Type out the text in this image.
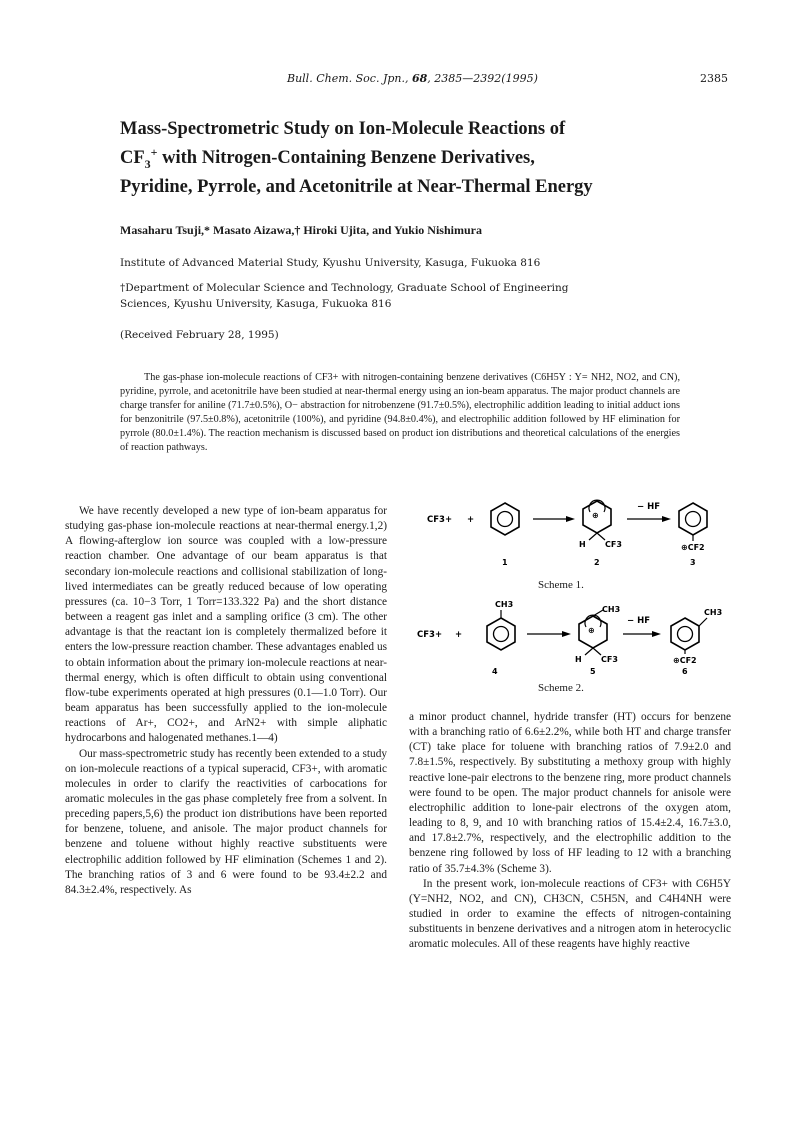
Bull. Chem. Soc. Jpn., 68, 2385—2392(1995)	2385
Mass-Spectrometric Study on Ion-Molecule Reactions of
$CF_3^+$ with Nitrogen-Containing Benzene Derivatives,
Pyridine, Pyrrole, and Acetonitrile at Near-Thermal Energy
Masaharu Tsuji,* Masato Aizawa,† Hiroki Ujita, and Yukio Nishimura
Institute of Advanced Material Study, Kyushu University, Kasuga, Fukuoka 816
†Department of Molecular Science and Technology, Graduate School of Engineering Sciences, Kyushu University, Kasuga, Fukuoka 816
(Received February 28, 1995)
The gas-phase ion-molecule reactions of CF3+ with nitrogen-containing benzene derivatives (C6H5Y : Y= NH2, NO2, and CN), pyridine, pyrrole, and acetonitrile have been studied at near-thermal energy using an ion-beam apparatus. The major product channels are charge transfer for aniline (71.7±0.5%), O− abstraction for nitrobenzene (91.7±0.5%), electrophilic addition leading to initial adduct ions for benzonitrile (97.5±0.8%), acetonitrile (100%), and pyridine (94.8±0.4%), and electrophilic addition followed by HF elimination for pyrrole (80.0±1.4%). The reaction mechanism is discussed based on product ion distributions and theoretical calculations of the energies of reaction pathways.

We have recently developed a new type of ion-beam apparatus for studying gas-phase ion-molecule reactions at near-thermal energy.1,2) A flowing-afterglow ion source was coupled with a low-pressure reaction chamber. One advantage of our beam apparatus is that secondary ion-molecule reactions and collisional stabilization of long-lived intermediates can be greatly reduced because of low operating pressures (ca. 10−3 Torr, 1 Torr=133.322 Pa) and the short distance between a reagent gas inlet and a sampling orifice (3 cm). The other advantage is that the reactant ion is completely thermalized before it enters the low-pressure reaction chamber. These advantages enabled us to obtain information about the primary ion-molecule reactions at near-thermal energy, which is often difficult to obtain using conventional flow-tube experiments operated at high pressures (0.1—1.0 Torr). Our beam apparatus has been successfully applied to the ion-molecule reactions of Ar+, CO2+, and ArN2+ with simple aliphatic hydrocarbons and halogenated methanes.1—4)

Our mass-spectrometric study has recently been extended to a study on ion-molecule reactions of a typical superacid, CF3+, with aromatic molecules in order to clarify the reactivities of carbocations for aromatic molecules in the gas phase completely free from a solvent. In preceding papers,5,6) the product ion distributions have been reported for benzene, toluene, and anisole. The major product channels for benzene and toluene without highly reactive substituents were electrophilic addition followed by HF elimination (Schemes 1 and 2). The branching ratios of 3 and 6 were found to be 93.4±2.2 and 84.3±2.4%, respectively. As

CF3+ +	⊕
H CF3
− HF
⊕CF2
1	2	3
Scheme 1.
CF3+ +
CH3
⊕
CH3
H CF3
− HF
CH3
⊕CF2
4	5	6
Scheme 2.

a minor product channel, hydride transfer (HT) occurs for benzene with a branching ratio of 6.6±2.2%, while both HT and charge transfer (CT) take place for toluene with branching ratios of 7.9±2.0 and 7.8±1.5%, respectively. By substituting a methoxy group with highly reactive lone-pair electrons to the benzene ring, more product channels were found to be open. The major product channels for anisole were electrophilic addition to lone-pair electrons of the oxygen atom, leading to 8, 9, and 10 with branching ratios of 15.4±2.4, 16.7±3.0, and 17.8±2.7%, respectively, and the electrophilic addition to the benzene ring followed by loss of HF leading to 12 with a branching ratio of 35.7±4.3% (Scheme 3).

In the present work, ion-molecule reactions of CF3+ with C6H5Y (Y=NH2, NO2, and CN), CH3CN, C5H5N, and C4H4NH were studied in order to examine the effects of nitrogen-containing substituents in benzene derivatives and a nitrogen atom in heterocyclic aromatic molecules. All of these reagents have highly reactive
